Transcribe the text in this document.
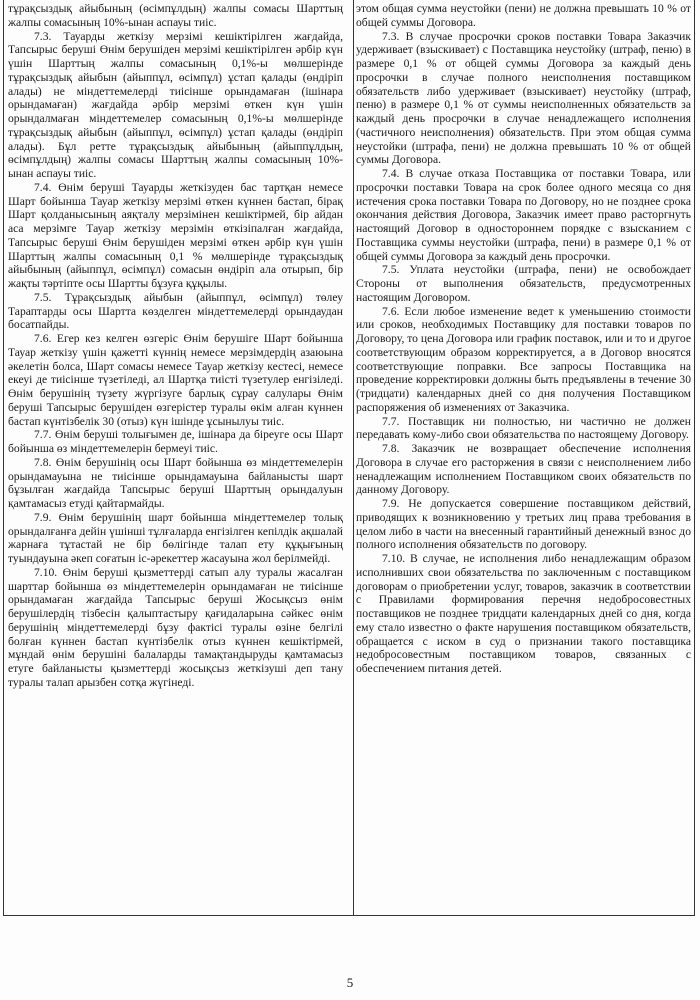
тұрақсыздық айыбының (өсімпұлдың) жалпы сомасы Шарттың жалпы сомасының 10%-ынан аспауы тиіс.

7.3. Тауарды жеткізу мерзімі кешіктірілген жағдайда, Тапсырыс беруші Өнім берушіден мерзімі кешіктірілген әрбір күн үшін Шарттың жалпы сомасының 0,1%-ы мөлшерінде тұрақсыздық айыбын (айыппұл, өсімпұл) ұстап қалады (өндіріп алады) не міндеттемелерді тиісінше орындамаған (ішінара орындамаған) жағдайда әрбір мерзімі өткен күн үшін орындалмаған міндеттемелер сомасының 0,1%-ы мөлшерінде тұрақсыздық айыбын (айыппұл, өсімпұл) ұстап қалады (өндіріп алады). Бұл ретте тұрақсыздық айыбының (айыппұлдың, өсімпұлдың) жалпы сомасы Шарттың жалпы сомасының 10%-ынан аспауы тиіс.

7.4. Өнім беруші Тауарды жеткізуден бас тартқан немесе Шарт бойынша Тауар жеткізу мерзімі өткен күннен бастап, бірақ Шарт қолданысының аяқталу мерзімінен кешіктірмей, бір айдан аса мерзімге Тауар жеткізу мерзімін өткізіпалған жағдайда, Тапсырыс беруші Өнім берушіден мерзімі өткен әрбір күн үшін Шарттың жалпы сомасының 0,1 % мөлшерінде тұрақсыздық айыбының (айыппұл, өсімпұл) сомасын өндіріп ала отырып, бір жақты тәртіпте осы Шартты бұзуға құқылы.

7.5. Тұрақсыздық айыбын (айыппұл, өсімпұл) төлеу Тараптарды осы Шартта көзделген міндеттемелерді орындаудан босатпайды.

7.6. Егер кез келген өзгеріс Өнім берушіге Шарт бойынша Тауар жеткізу үшін қажетті күннің немесе мерзімдердің азаюына әкелетін болса, Шарт сомасы немесе Тауар жеткізу кестесі, немесе екеуі де тиісінше түзетіледі, ал Шартқа тиісті түзетулер енгізіледі. Өнім берушінің түзету жүргізуге барлық сұрау салулары Өнім беруші Тапсырыс берушіден өзгерістер туралы өкім алған күннен бастап күнтізбелік 30 (отыз) күн ішінде ұсынылуы тиіс.

7.7. Өнім беруші толығымен де, ішінара да біреуге осы Шарт бойынша өз міндеттемелерін бермеуі тиіс.

7.8. Өнім берушінің осы Шарт бойынша өз міндеттемелерін орындамауына не тиісінше орындамауына байланысты шарт бұзылған жағдайда Тапсырыс беруші Шарттың орындалуын қамтамасыз етуді қайтармайды.

7.9. Өнім берушінің шарт бойынша міндеттемелер толық орындалғанға дейін үшінші тұлғаларда енгізілген кепілдік ақшалай жарнаға тұтастай не бір бөлігінде талап ету құқығының туындауына әкеп соғатын іс-әрекеттер жасауына жол берілмейді.

7.10. Өнім беруші қызметтерді сатып алу туралы жасалған шарттар бойынша өз міндеттемелерін орындамаған не тиісінше орындамаған жағдайда Тапсырыс беруші Жосықсыз өнім берушілердің тізбесін қалыптастыру қағидаларына сәйкес өнім берушінің міндеттемелерді бұзу фактісі туралы өзіне белгілі болған күннен бастап күнтізбелік отыз күннен кешіктірмей, мұндай өнім берушіні балаларды тамақтандыруды қамтамасыз етуге байланысты қызметтерді жосықсыз жеткізуші деп тану туралы талап арызбен сотқа жүгінеді.

этом общая сумма неустойки (пени) не должна превышать 10 % от общей суммы Договора.

7.3. В случае просрочки сроков поставки Товара Заказчик удерживает (взыскивает) с Поставщика неустойку (штраф, пеню) в размере 0,1 % от общей суммы Договора за каждый день просрочки в случае полного неисполнения поставщиком обязательств либо удерживает (взыскивает) неустойку (штраф, пеню) в размере 0,1 % от суммы неисполненных обязательств за каждый день просрочки в случае ненадлежащего исполнения (частичного неисполнения) обязательств. При этом общая сумма неустойки (штрафа, пени) не должна превышать 10 % от общей суммы Договора.

7.4. В случае отказа Поставщика от поставки Товара, или просрочки поставки Товара на срок более одного месяца со дня истечения срока поставки Товара по Договору, но не позднее срока окончания действия Договора, Заказчик имеет право расторгнуть настоящий Договор в одностороннем порядке с взысканием с Поставщика суммы неустойки (штрафа, пени) в размере 0,1 % от общей суммы Договора за каждый день просрочки.

7.5. Уплата неустойки (штрафа, пени) не освобождает Стороны от выполнения обязательств, предусмотренных настоящим Договором.

7.6. Если любое изменение ведет к уменьшению стоимости или сроков, необходимых Поставщику для поставки товаров по Договору, то цена Договора или график поставок, или и то и другое соответствующим образом корректируется, а в Договор вносятся соответствующие поправки. Все запросы Поставщика на проведение корректировки должны быть предъявлены в течение 30 (тридцати) календарных дней со дня получения Поставщиком распоряжения об изменениях от Заказчика.

7.7. Поставщик ни полностью, ни частично не должен передавать кому-либо свои обязательства по настоящему Договору.

7.8. Заказчик не возвращает обеспечение исполнения Договора в случае его расторжения в связи с неисполнением либо ненадлежащим исполнением Поставщиком своих обязательств по данному Договору.

7.9. Не допускается совершение поставщиком действий, приводящих к возникновению у третьих лиц права требования в целом либо в части на внесенный гарантийный денежный взнос до полного исполнения обязательств по договору.

7.10. В случае, не исполнения либо ненадлежащим образом исполнивших свои обязательства по заключенным с поставщиком договорам о приобретении услуг, товаров, заказчик в соответствии с Правилами формирования перечня недобросовестных поставщиков не позднее тридцати календарных дней со дня, когда ему стало известно о факте нарушения поставщиком обязательств, обращается с иском в суд о признании такого поставщика недобросовестным поставщиком товаров, связанных с обеспечением питания детей.

5
